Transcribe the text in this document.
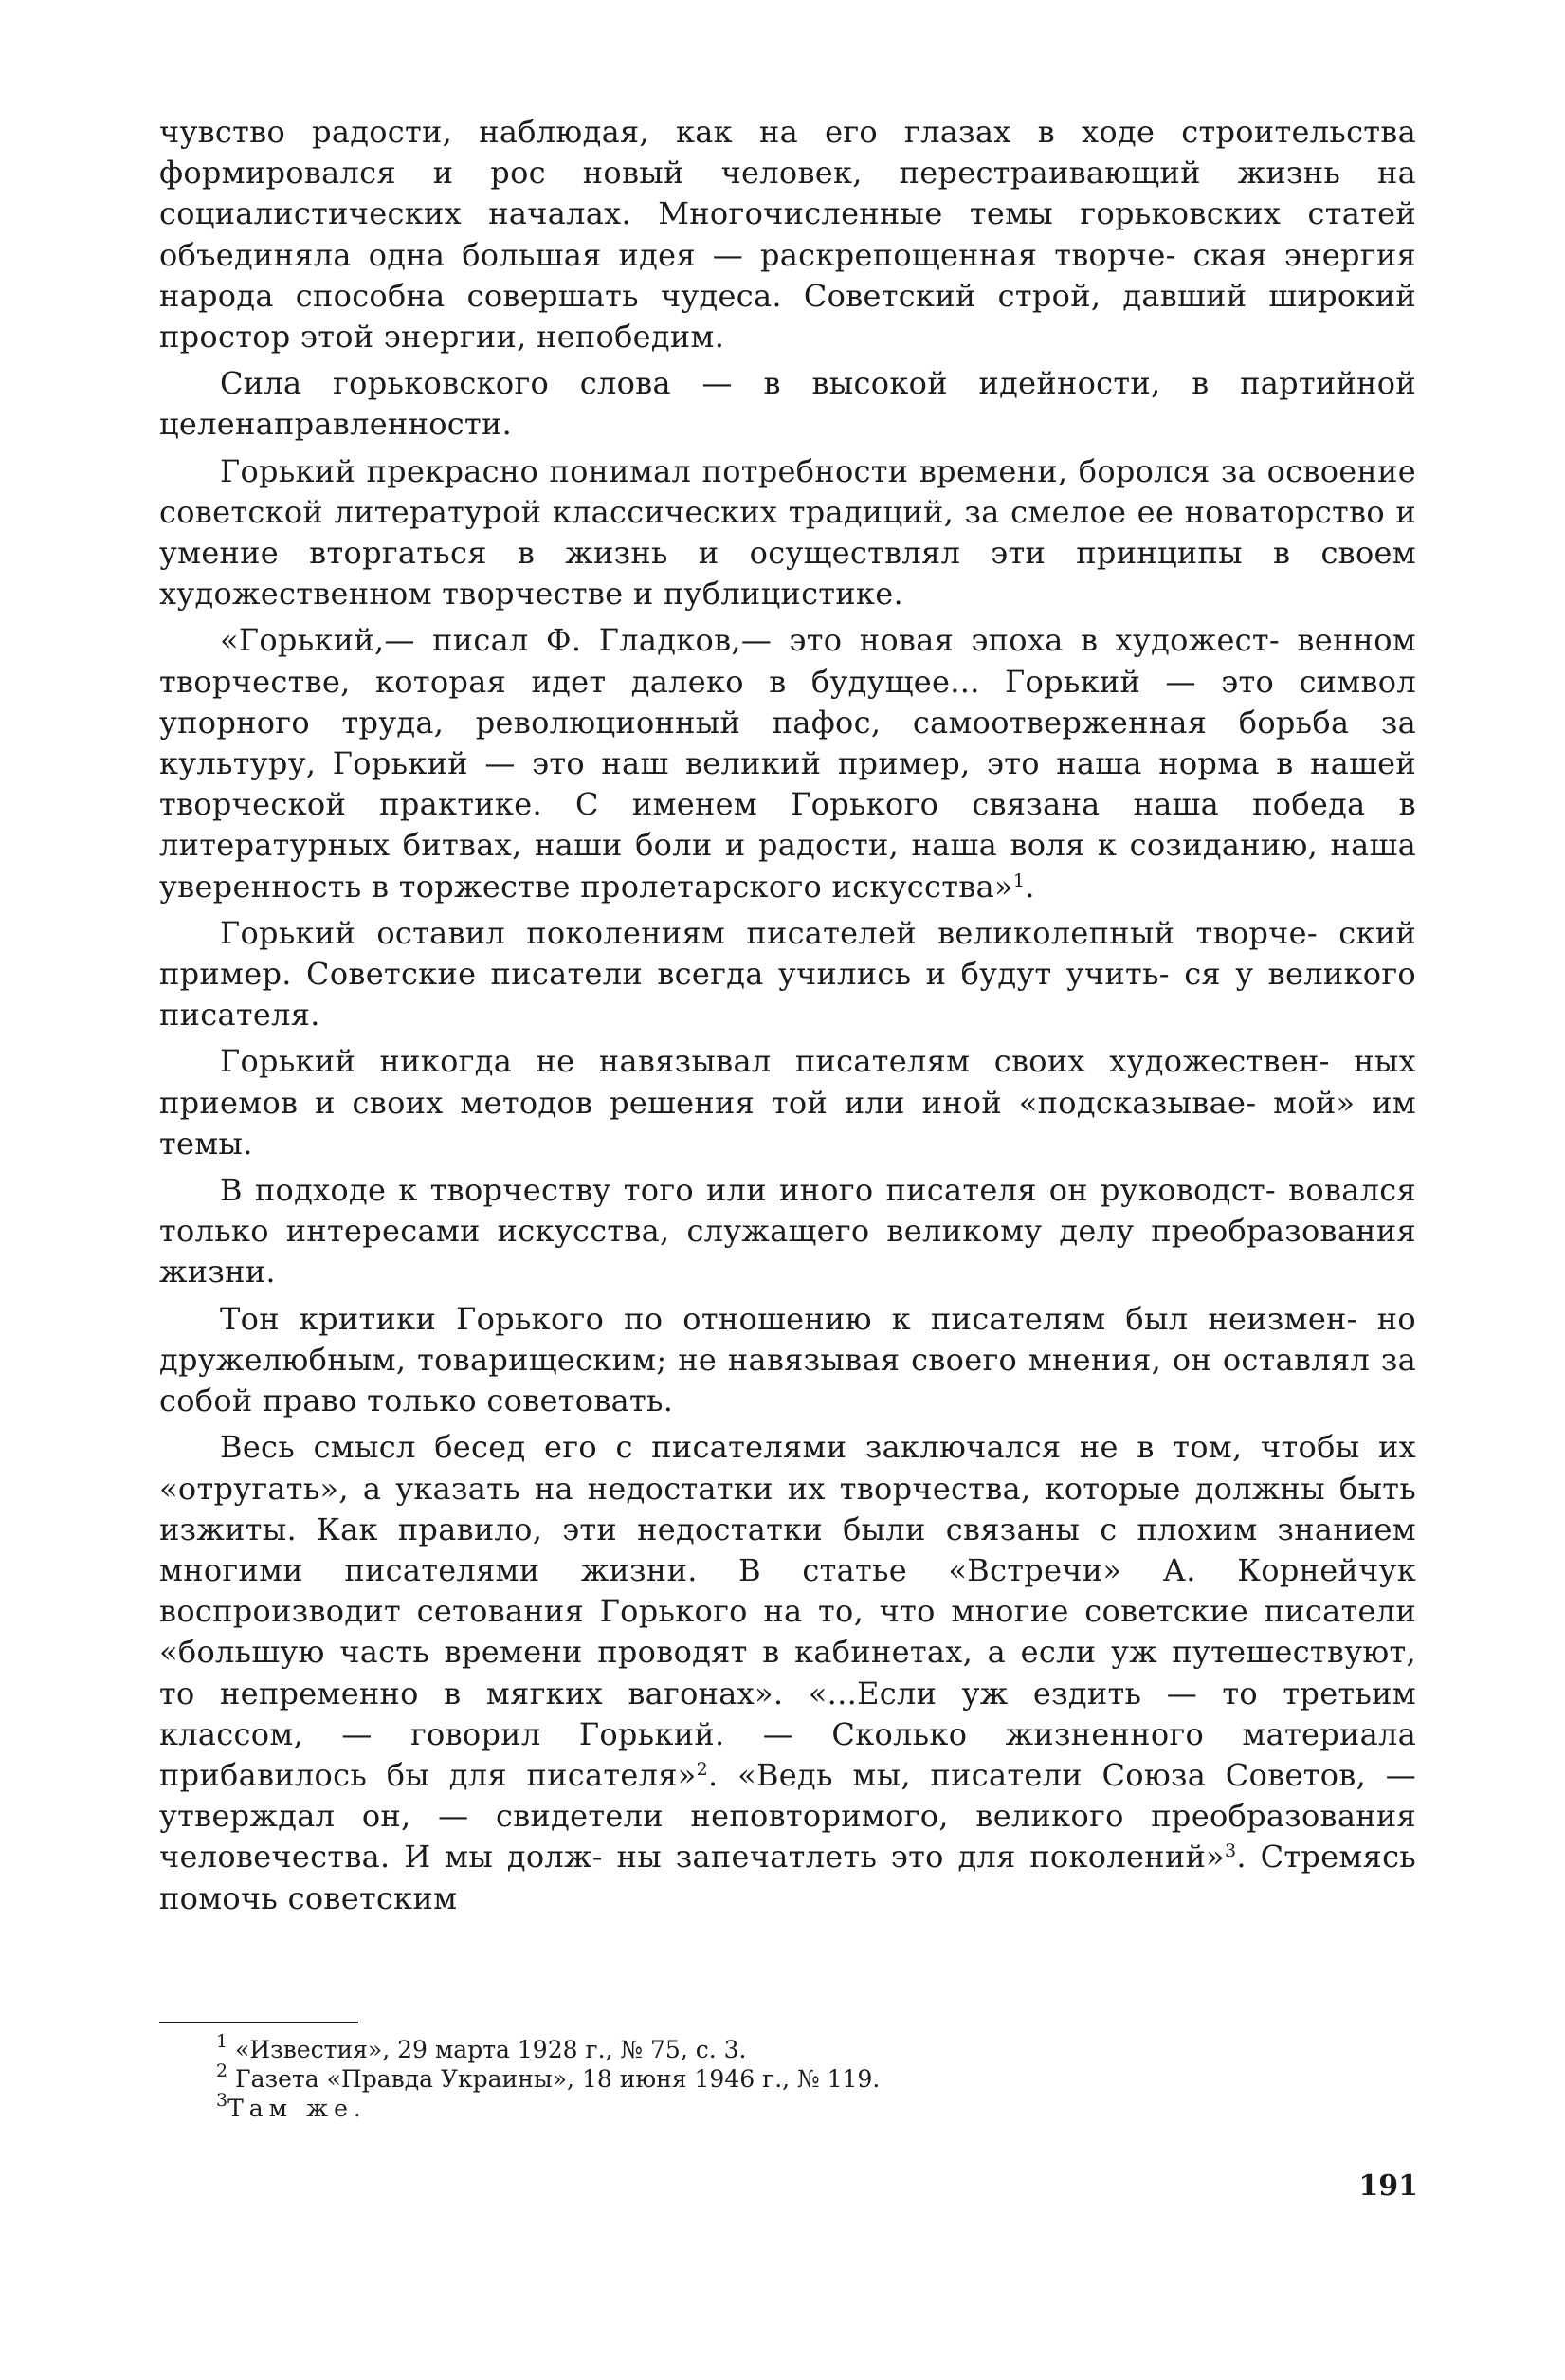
чувство радости, наблюдая, как на его глазах в ходе строительства формировался и рос новый человек, перестраивающий жизнь на социалистических началах. Многочисленные темы горьковских статей объединяла одна большая идея — раскрепощенная творче- ская энергия народа способна совершать чудеса. Советский строй, давший широкий простор этой энергии, непобедим.

Сила горьковского слова — в высокой идейности, в партийной целенаправленности.

Горький прекрасно понимал потребности времени, боролся за освоение советской литературой классических традиций, за смелое ее новаторство и умение вторгаться в жизнь и осуществлял эти принципы в своем художественном творчестве и публицистике.

«Горький,— писал Ф. Гладков,— это новая эпоха в художест- венном творчестве, которая идет далеко в будущее... Горький — это символ упорного труда, революционный пафос, самоотверженная борьба за культуру, Горький — это наш великий пример, это наша норма в нашей творческой практике. С именем Горького связана наша победа в литературных битвах, наши боли и радости, наша воля к созиданию, наша уверенность в торжестве пролетарского искусства»$^1$.

Горький оставил поколениям писателей великолепный творче- ский пример. Советские писатели всегда учились и будут учить- ся у великого писателя.

Горький никогда не навязывал писателям своих художествен- ных приемов и своих методов решения той или иной «подсказывае- мой» им темы.

В подходе к творчеству того или иного писателя он руководст- вовался только интересами искусства, служащего великому делу преобразования жизни.

Тон критики Горького по отношению к писателям был неизмен- но дружелюбным, товарищеским; не навязывая своего мнения, он оставлял за собой право только советовать.

Весь смысл бесед его с писателями заключался не в том, чтобы их «отругать», а указать на недостатки их творчества, которые должны быть изжиты. Как правило, эти недостатки были связаны с плохим знанием многими писателями жизни. В статье «Встречи» А. Корнейчук воспроизводит сетования Горького на то, что многие советские писатели «большую часть времени проводят в кабинетах, а если уж путешествуют, то непременно в мягких вагонах». «...Если уж ездить — то третьим классом, — говорил Горький. — Сколько жизненного материала прибавилось бы для писателя»$^2$. «Ведь мы, писатели Союза Советов, — утверждал он, — свидетели неповторимого, великого преобразования человечества. И мы долж- ны запечатлеть это для поколений»$^3$. Стремясь помочь советским

$^1$ «Известия», 29 марта 1928 г., № 75, с. 3.

$^2$ Газета «Правда Украины», 18 июня 1946 г., № 119.

$^3$Там же.

191
